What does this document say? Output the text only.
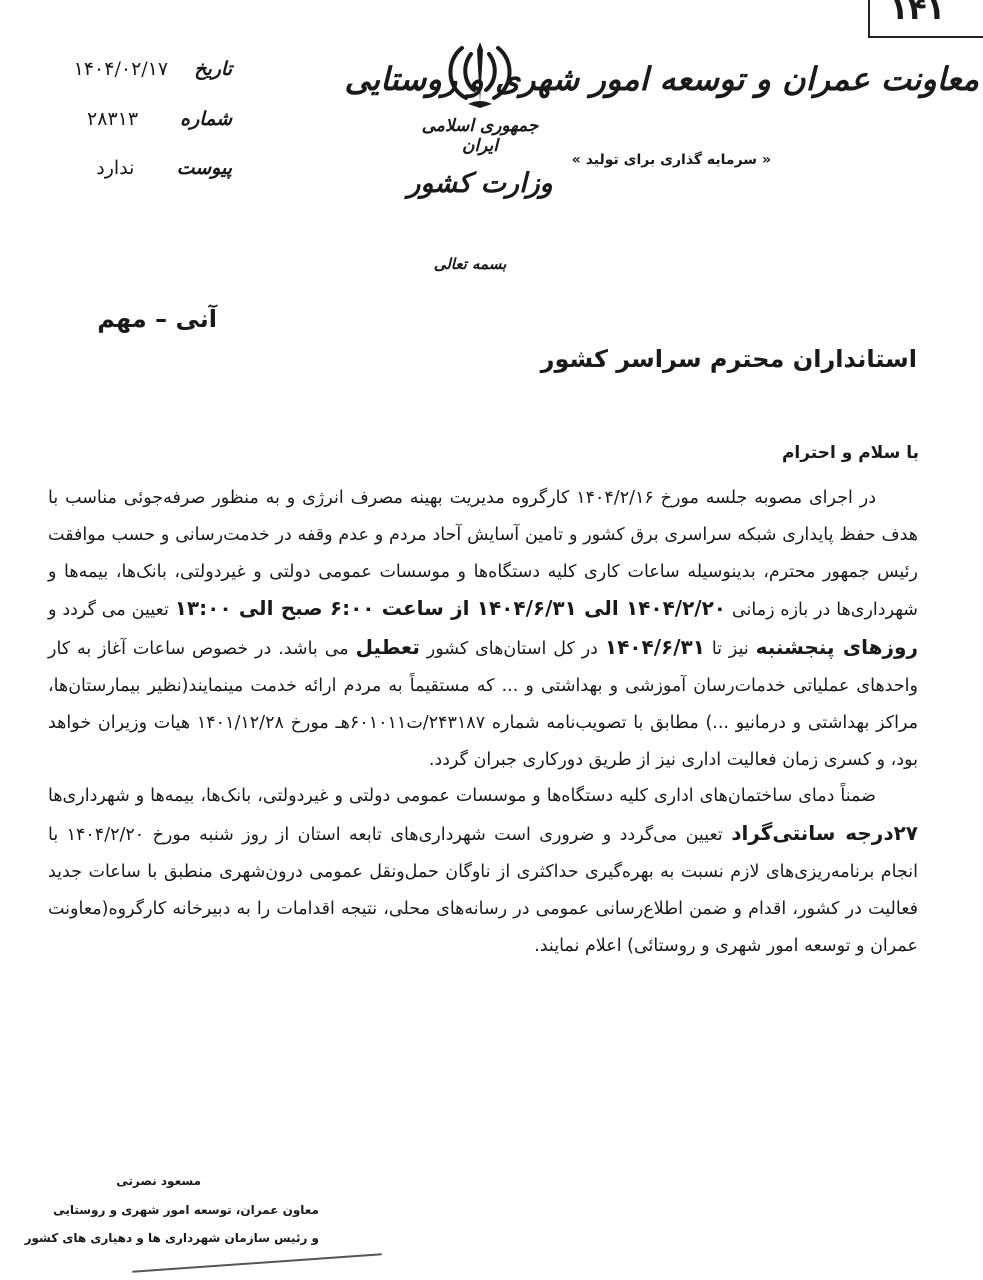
۱۴۱
تاریخ  ۱۴۰۴/۰۲/۱۷
شماره  ۲۸۳۱۳
پیوست  ندارد
جمهوری اسلامی ایران
وزارت کشور
معاونت عمران و توسعه امور شهری و روستایی
« سرمایه گذاری برای تولید »
بسمه تعالی
آنی – مهم
استانداران محترم سراسر کشور
با سلام و احترام

در اجرای مصوبه جلسه مورخ ۱۴۰۴/۲/۱۶ کارگروه مدیریت بهینه مصرف انرژی و به منظور صرفه‌جوئی مناسب با هدف حفظ پایداری شبکه سراسری برق کشور و تامین آسایش آحاد مردم و عدم وقفه در خدمت‌رسانی و حسب موافقت رئیس جمهور محترم، بدینوسیله ساعات کاری کلیه دستگاه‌ها و موسسات عمومی دولتی و غیردولتی، بانک‌ها، بیمه‌ها و شهرداری‌ها در بازه زمانی ۱۴۰۴/۲/۲۰ الی ۱۴۰۴/۶/۳۱ از ساعت ۶:۰۰ صبح الی ۱۳:۰۰ تعیین می گردد و روزهای پنجشنبه نیز تا ۱۴۰۴/۶/۳۱ در کل استان‌های کشور تعطیل می باشد. در خصوص ساعات آغاز به کار واحدهای عملیاتی خدمات‌رسان آموزشی و بهداشتی و ... که مستقیماً به مردم ارائه خدمت مینمایند(نظیر بیمارستان‌ها، مراکز بهداشتی و درمانیو ...) مطابق با تصویب‌نامه شماره ۲۴۳۱۸۷/ت۶۰۱۰۱۱هـ مورخ ۱۴۰۱/۱۲/۲۸ هیات وزیران خواهد بود، و کسری زمان فعالیت اداری نیز از طریق دورکاری جبران گردد.

ضمناً دمای ساختمان‌های اداری کلیه دستگاه‌ها و موسسات عمومی دولتی و غیردولتی، بانک‌ها، بیمه‌ها و شهرداری‌ها ۲۷درجه سانتی‌گراد تعیین می‌گردد و ضروری است شهرداری‌های تابعه استان از روز شنبه مورخ ۱۴۰۴/۲/۲۰ با انجام برنامه‌ریزی‌های لازم نسبت به بهره‌گیری حداکثری از ناوگان حمل‌ونقل عمومی درون‌شهری منطبق با ساعات جدید فعالیت در کشور، اقدام و ضمن اطلاع‌رسانی عمومی در رسانه‌های محلی، نتیجه اقدامات را به دبیرخانه کارگروه(معاونت عمران و توسعه امور شهری و روستائی) اعلام نمایند.

مسعود نصرتی
معاون عمران، توسعه امور شهری و روستایی
و رئیس سازمان شهرداری ها و دهیاری های کشور
